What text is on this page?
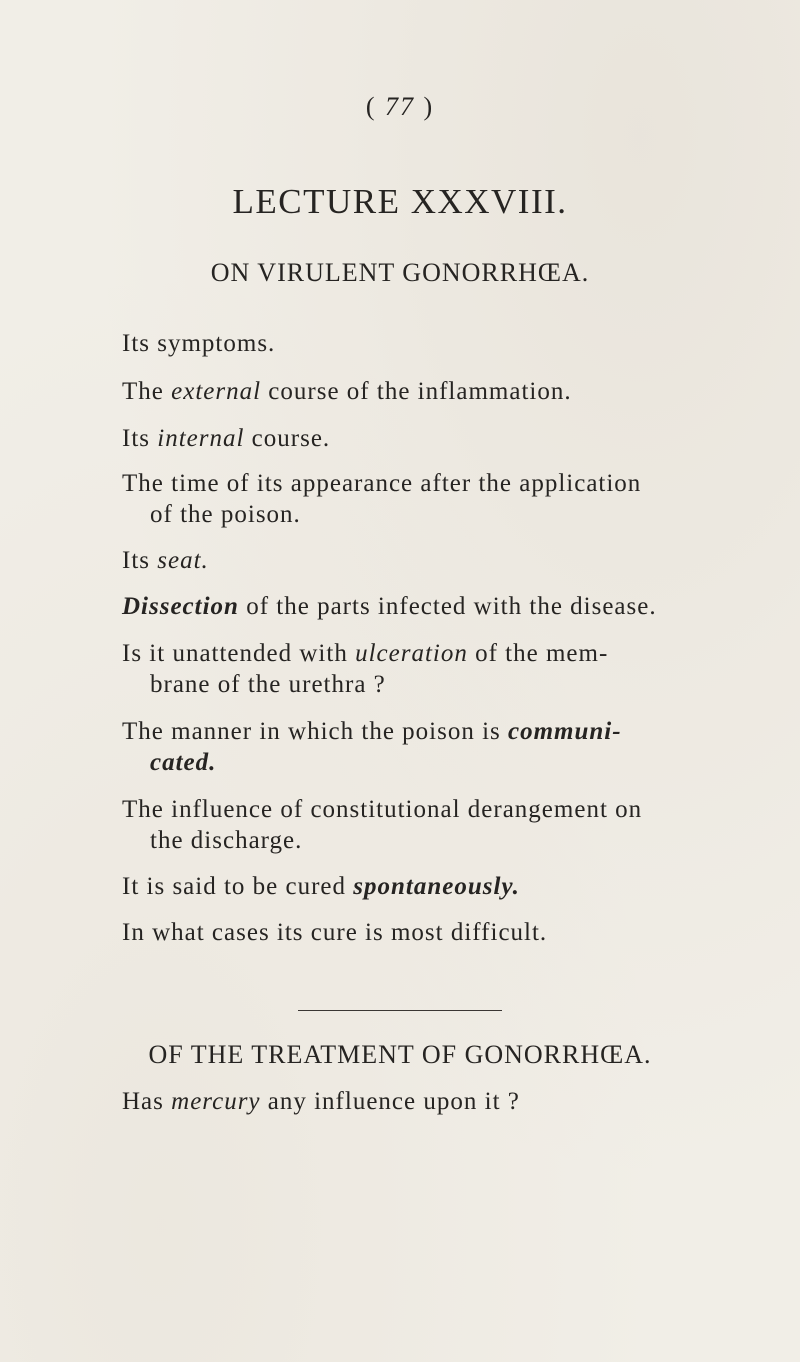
( 77 )
LECTURE XXXVIII.
ON VIRULENT GONORRHŒA.
Its symptoms.
The external course of the inflammation.
Its internal course.
The time of its appearance after the application
of the poison.
Its seat.
Dissection of the parts infected with the disease.
Is it unattended with ulceration of the mem-
brane of the urethra ?
The manner in which the poison is communi-
cated.
The influence of constitutional derangement on
the discharge.
It is said to be cured spontaneously.
In what cases its cure is most difficult.
OF THE TREATMENT OF GONORRHŒA.
Has mercury any influence upon it ?
